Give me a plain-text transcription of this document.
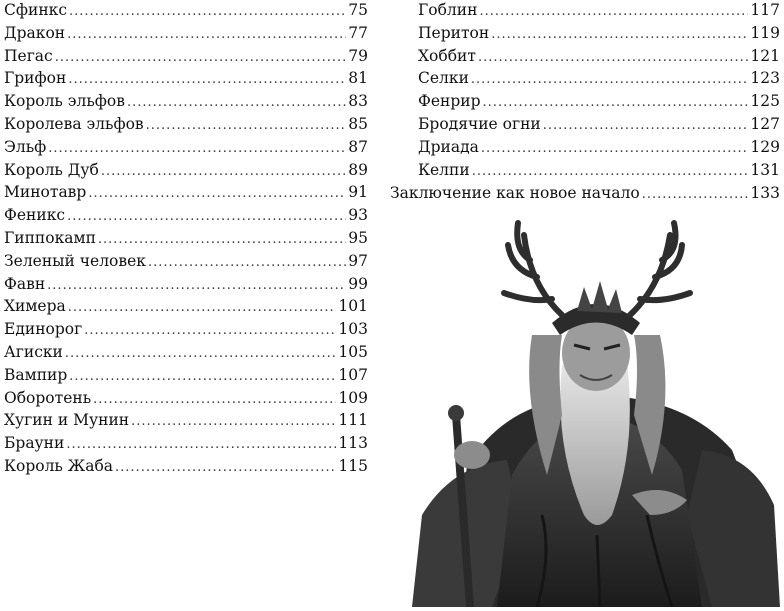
Сфинкс .....	75
Дракон .....	77
Пегас .....	79
Грифон .....	81
Король эльфов .....	83
Королева эльфов .....	85
Эльф .....	87
Король Дуб .....	89
Минотавр .....	91
Феникс .....	93
Гиппокамп .....	95
Зеленый человек .....	97
Фавн .....	99
Химера .....	101
Единорог .....	103
Агиски .....	105
Вампир .....	107
Оборотень .....	109
Хугин и Мунин .....	111
Брауни .....	113
Король Жаба .....	115
Гоблин .....	117
Перитон .....	119
Хоббит .....	121
Селки .....	123
Фенрир .....	125
Бродячие огни .....	127
Дриада .....	129
Келпи .....	131
Заключение как новое начало .....	133
